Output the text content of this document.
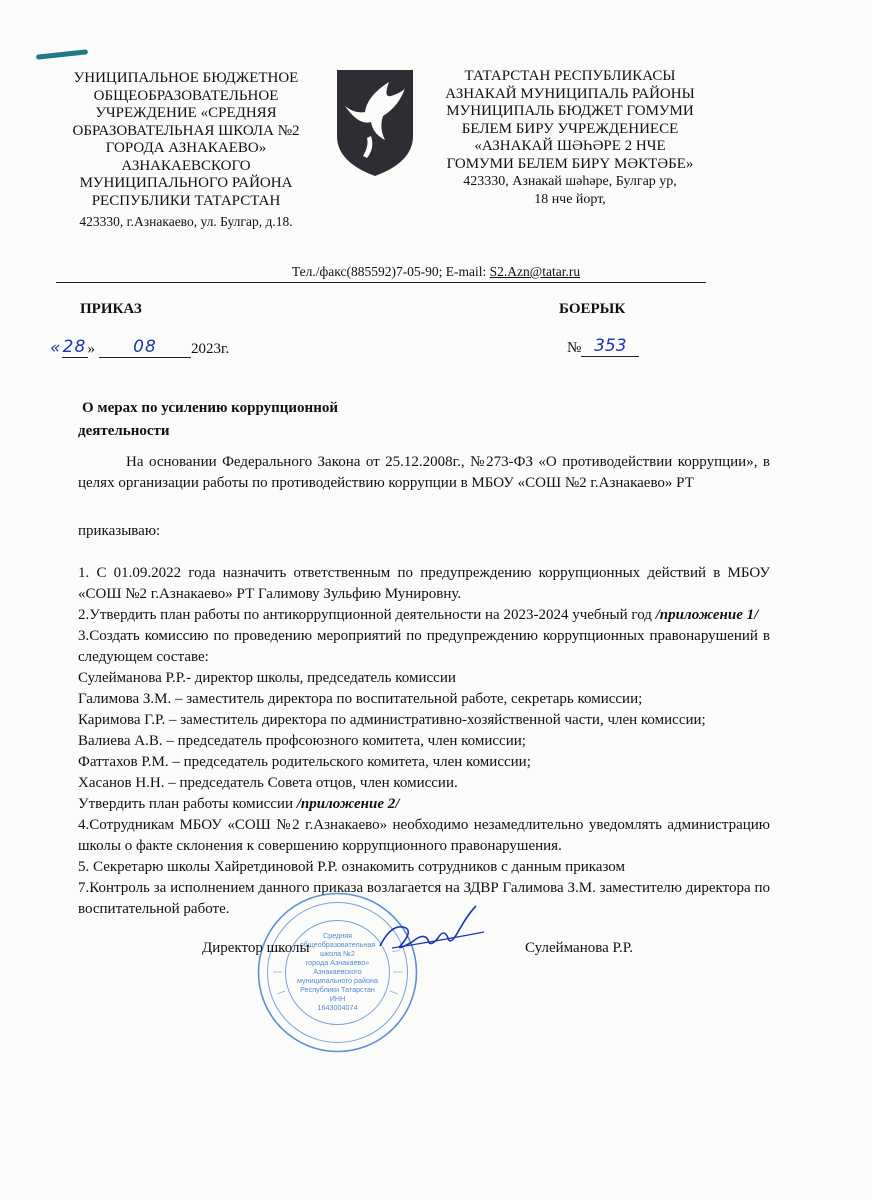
УНИЦИПАЛЬНОЕ БЮДЖЕТНОЕ
ОБЩЕОБРАЗОВАТЕЛЬНОЕ
УЧРЕЖДЕНИЕ «СРЕДНЯЯ
ОБРАЗОВАТЕЛЬНАЯ ШКОЛА №2
ГОРОДА АЗНАКАЕВО»
АЗНАКАЕВСКОГО
МУНИЦИПАЛЬНОГО РАЙОНА
РЕСПУБЛИКИ ТАТАРСТАН
423330, г.Азнакаево, ул. Булгар, д.18.
ТАТАРСТАН РЕСПУБЛИКАСЫ
АЗНАКАЙ МУНИЦИПАЛЬ РАЙОНЫ
МУНИЦИПАЛЬ БЮДЖЕТ ГОМУМИ
БЕЛЕМ БИРУ УЧРЕЖДЕНИЕСЕ
«АЗНАКАЙ ШӘҺӘРЕ 2 НЧЕ
ГОМУМИ БЕЛЕМ БИРҮ МӘКТӘБЕ»
423330, Азнакай шәһәре, Булгар ур,
18 нче йорт,
Тел./факс(885592)7-05-90; E-mail: S2.Azn@tatar.ru
ПРИКАЗ	БОЕРЫК
« 28 »	08	2023г.	№ 353
О мерах по усилению коррупционной
деятельности

На основании Федерального Закона от 25.12.2008г., №273-ФЗ «О противодействии коррупции», в целях организации работы по противодействию коррупции в МБОУ «СОШ №2 г.Азнакаево» РТ

приказываю:

1. С 01.09.2022 года назначить ответственным по предупреждению коррупционных действий в МБОУ «СОШ №2 г.Азнакаево» РТ Галимову Зульфию Мунировну.
2.Утвердить план работы по антикоррупционной деятельности на 2023-2024 учебный год /приложение 1/
3.Создать комиссию по проведению мероприятий по предупреждению коррупционных правонарушений в следующем составе:
Сулейманова Р.Р.- директор школы, председатель комиссии
Галимова З.М. – заместитель директора по воспитательной работе, секретарь комиссии;
Каримова Г.Р. – заместитель директора по административно-хозяйственной части, член комиссии;
Валиева А.В. – председатель профсоюзного комитета, член комиссии;
Фаттахов Р.М. – председатель родительского комитета, член комиссии;
Хасанов Н.Н. – председатель Совета отцов, член комиссии.
Утвердить план работы комиссии /приложение 2/
4.Сотрудникам МБОУ «СОШ №2 г.Азнакаево» необходимо незамедлительно уведомлять администрацию школы о факте склонения к совершению коррупционного правонарушения.
5. Секретарю школы Хайретдиновой Р.Р. ознакомить сотрудников с данным приказом
7.Контроль за исполнением данного приказа возлагается на ЗДВР Галимова З.М. заместителю директора по воспитательной работе.
Средняя
общеобразовательная
школа №2
города Азнакаево»
Азнакаевского
муниципального района
Республики Татарстан
ИНН
1643004074
Директор школы	Сулейманова Р.Р.
